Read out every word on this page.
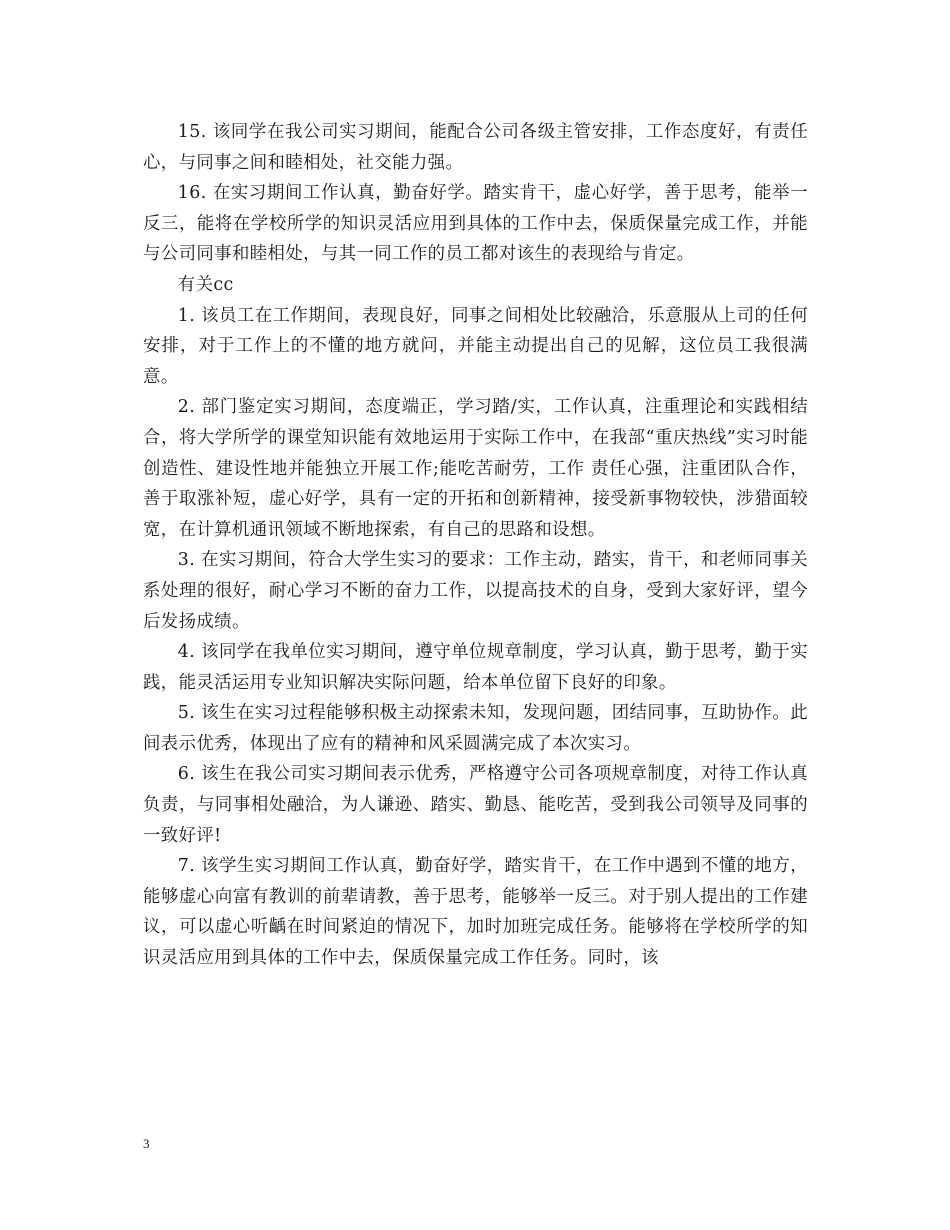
15. 该同学在我公司实习期间，能配合公司各级主管安排，工作态度好，有责任心，与同事之间和睦相处，社交能力强。

16. 在实习期间工作认真，勤奋好学。踏实肯干，虚心好学，善于思考，能举一反三，能将在学校所学的知识灵活应用到具体的工作中去，保质保量完成工作，并能与公司同事和睦相处，与其一同工作的员工都对该生的表现给与肯定。

有关cc

1. 该员工在工作期间，表现良好，同事之间相处比较融洽，乐意服从上司的任何安排，对于工作上的不懂的地方就问，并能主动提出自己的见解，这位员工我很满意。

2. 部门鉴定实习期间，态度端正，学习踏/实，工作认真，注重理论和实践相结合，将大学所学的课堂知识能有效地运用于实际工作中，在我部“重庆热线”实习时能创造性、建设性地并能独立开展工作;能吃苦耐劳，工作 责任心强，注重团队合作，善于取涨补短，虚心好学，具有一定的开拓和创新精神，接受新事物较快，涉猎面较宽，在计算机通讯领域不断地探索，有自己的思路和设想。

3. 在实习期间，符合大学生实习的要求：工作主动，踏实，肯干，和老师同事关系处理的很好，耐心学习不断的奋力工作，以提高技术的自身，受到大家好评，望今后发扬成绩。

4. 该同学在我单位实习期间，遵守单位规章制度，学习认真，勤于思考，勤于实践，能灵活运用专业知识解决实际问题，给本单位留下良好的印象。

5. 该生在实习过程能够积极主动探索未知，发现问题，团结同事，互助协作。此间表示优秀，体现出了应有的精神和风采圆满完成了本次实习。

6. 该生在我公司实习期间表示优秀，严格遵守公司各项规章制度，对待工作认真负责，与同事相处融洽，为人谦逊、踏实、勤恳、能吃苦，受到我公司领导及同事的一致好评!

7. 该学生实习期间工作认真，勤奋好学，踏实肯干，在工作中遇到不懂的地方，能够虚心向富有教训的前辈请教，善于思考，能够举一反三。对于别人提出的工作建议，可以虚心听齲在时间紧迫的情况下，加时加班完成任务。能够将在学校所学的知识灵活应用到具体的工作中去，保质保量完成工作任务。同时，该

3
